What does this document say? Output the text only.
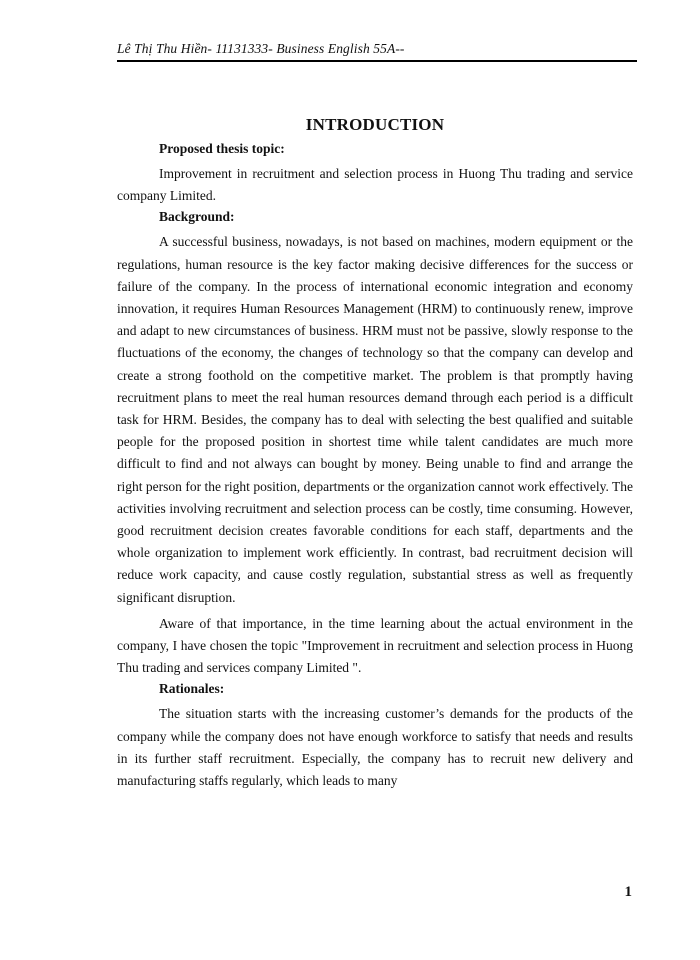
Lê Thị Thu Hiền- 11131333- Business English 55A--
INTRODUCTION
Proposed thesis topic:

Improvement in recruitment and selection process in Huong Thu trading and service company Limited.

Background:

A successful business, nowadays, is not based on machines, modern equipment or the regulations, human resource is the key factor making decisive differences for the success or failure of the company. In the process of international economic integration and economy innovation, it requires Human Resources Management (HRM) to continuously renew, improve and adapt to new circumstances of business. HRM must not be passive, slowly response to the fluctuations of the economy, the changes of technology so that the company can develop and create a strong foothold on the competitive market. The problem is that promptly having recruitment plans to meet the real human resources demand through each period is a difficult task for HRM. Besides, the company has to deal with selecting the best qualified and suitable people for the proposed position in shortest time while talent candidates are much more difficult to find and not always can bought by money. Being unable to find and arrange the right person for the right position, departments or the organization cannot work effectively. The activities involving recruitment and selection process can be costly, time consuming. However, good recruitment decision creates favorable conditions for each staff, departments and the whole organization to implement work efficiently. In contrast, bad recruitment decision will reduce work capacity, and cause costly regulation, substantial stress as well as frequently significant disruption.

Aware of that importance, in the time learning about the actual environment in the company, I have chosen the topic "Improvement in recruitment and selection process in Huong Thu trading and services company Limited ".

Rationales:

The situation starts with the increasing customer’s demands for the products of the company while the company does not have enough workforce to satisfy that needs and results in its further staff recruitment. Especially, the company has to recruit new delivery and manufacturing staffs regularly, which leads to many

1
